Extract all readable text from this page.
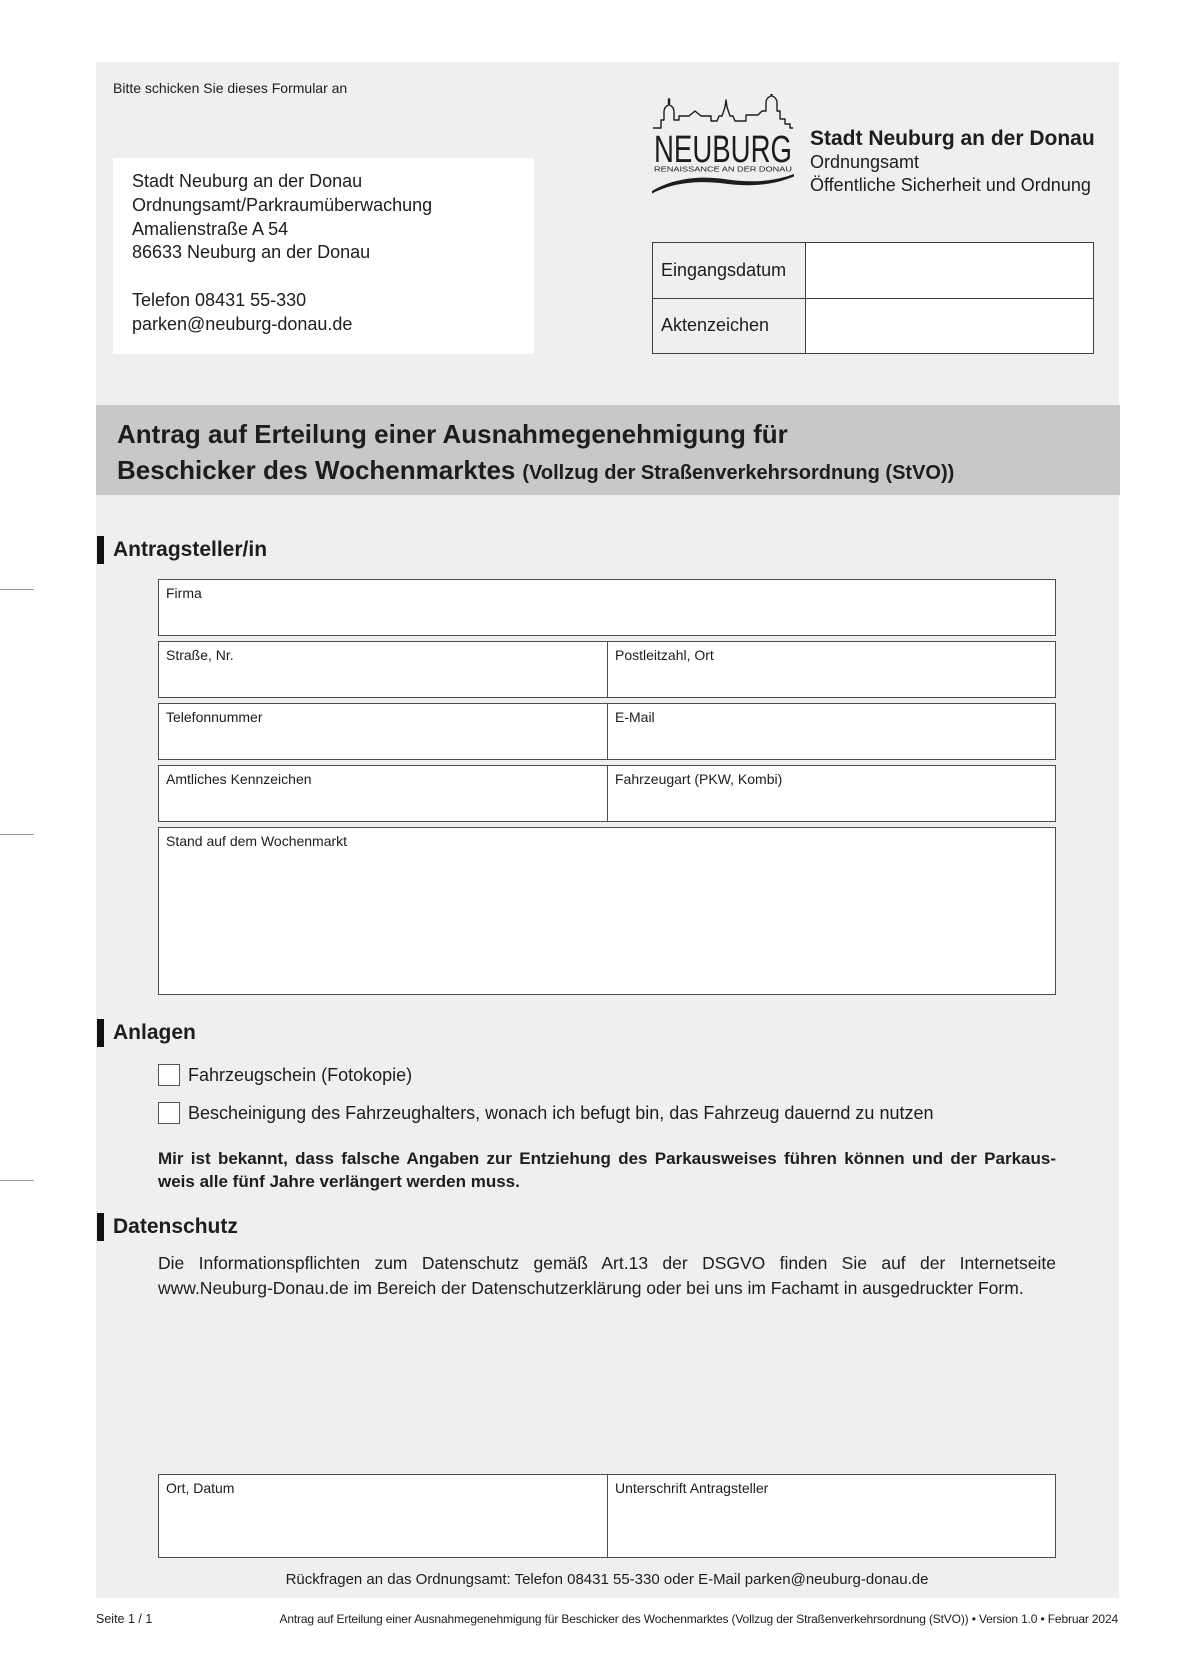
Bitte schicken Sie dieses Formular an
Stadt Neuburg an der Donau
Ordnungsamt/Parkraumüberwachung
Amalienstraße A 54
86633 Neuburg an der Donau
Telefon 08431 55-330
parken@neuburg-donau.de
NEUBURG
RENAISSANCE AN DER DONAU
Stadt Neuburg an der Donau
Ordnungsamt
Öffentliche Sicherheit und Ordnung
Eingangsdatum
Aktenzeichen
Antrag auf Erteilung einer Ausnahmegenehmigung für
Beschicker des Wochenmarktes (Vollzug der Straßenverkehrsordnung (StVO))
Antragsteller/in
Firma
Straße, Nr.	Postleitzahl, Ort
Telefonnummer	E-Mail
Amtliches Kennzeichen	Fahrzeugart (PKW, Kombi)
Stand auf dem Wochenmarkt
Anlagen
Fahrzeugschein (Fotokopie)
Bescheinigung des Fahrzeughalters, wonach ich befugt bin, das Fahrzeug dauernd zu nutzen
Mir ist bekannt, dass falsche Angaben zur Entziehung des Parkausweises führen können und der Parkaus-
weis alle fünf Jahre verlängert werden muss.
Datenschutz
Die Informationspflichten zum Datenschutz gemäß Art.13 der DSGVO finden Sie auf der Internetseite
www.Neuburg-Donau.de im Bereich der Datenschutzerklärung oder bei uns im Fachamt in ausgedruckter Form.
Ort, Datum	Unterschrift Antragsteller
Rückfragen an das Ordnungsamt: Telefon 08431 55-330 oder E-Mail parken@neuburg-donau.de
Seite 1 / 1	Antrag auf Erteilung einer Ausnahmegenehmigung für Beschicker des Wochenmarktes (Vollzug der Straßenverkehrsordnung (StVO)) • Version 1.0 • Februar 2024
